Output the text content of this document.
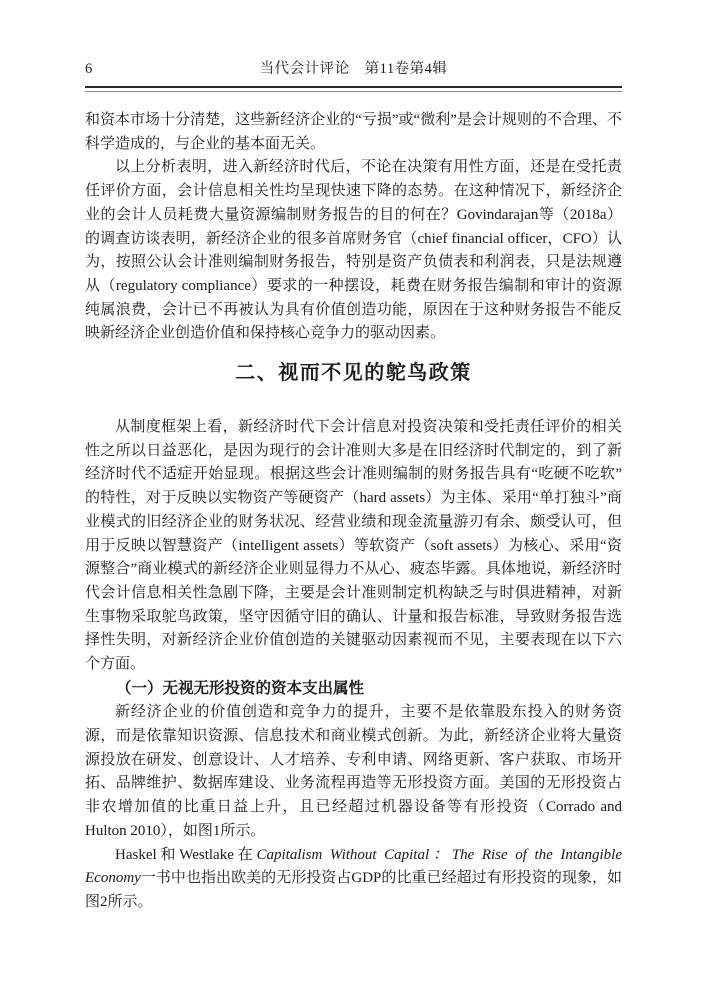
6	当代会计评论　第11卷第4辑

和资本市场十分清楚，这些新经济企业的“亏损”或“微利”是会计规则的不合理、不科学造成的，与企业的基本面无关。

以上分析表明，进入新经济时代后，不论在决策有用性方面，还是在受托责任评价方面，会计信息相关性均呈现快速下降的态势。在这种情况下，新经济企业的会计人员耗费大量资源编制财务报告的目的何在？Govindarajan等（2018a）的调查访谈表明，新经济企业的很多首席财务官（chief financial officer，CFO）认为，按照公认会计准则编制财务报告，特别是资产负债表和利润表，只是法规遵从（regulatory compliance）要求的一种摆设，耗费在财务报告编制和审计的资源纯属浪费，会计已不再被认为具有价值创造功能，原因在于这种财务报告不能反映新经济企业创造价值和保持核心竞争力的驱动因素。

二、视而不见的鸵鸟政策

从制度框架上看，新经济时代下会计信息对投资决策和受托责任评价的相关性之所以日益恶化，是因为现行的会计准则大多是在旧经济时代制定的，到了新经济时代不适症开始显现。根据这些会计准则编制的财务报告具有“吃硬不吃软”的特性，对于反映以实物资产等硬资产（hard assets）为主体、采用“单打独斗”商业模式的旧经济企业的财务状况、经营业绩和现金流量游刃有余、颇受认可，但用于反映以智慧资产（intelligent assets）等软资产（soft assets）为核心、采用“资源整合”商业模式的新经济企业则显得力不从心、疲态毕露。具体地说，新经济时代会计信息相关性急剧下降，主要是会计准则制定机构缺乏与时俱进精神，对新生事物采取鸵鸟政策，坚守因循守旧的确认、计量和报告标准，导致财务报告选择性失明，对新经济企业价值创造的关键驱动因素视而不见，主要表现在以下六个方面。

（一）无视无形投资的资本支出属性

新经济企业的价值创造和竞争力的提升，主要不是依靠股东投入的财务资源，而是依靠知识资源、信息技术和商业模式创新。为此，新经济企业将大量资源投放在研发、创意设计、人才培养、专利申请、网络更新、客户获取、市场开拓、品牌维护、数据库建设、业务流程再造等无形投资方面。美国的无形投资占非农增加值的比重日益上升，且已经超过机器设备等有形投资（Corrado and Hulton 2010），如图1所示。

Haskel和Westlake在Capitalism Without Capital：The Rise of the Intangible Economy一书中也指出欧美的无形投资占GDP的比重已经超过有形投资的现象，如图2所示。
